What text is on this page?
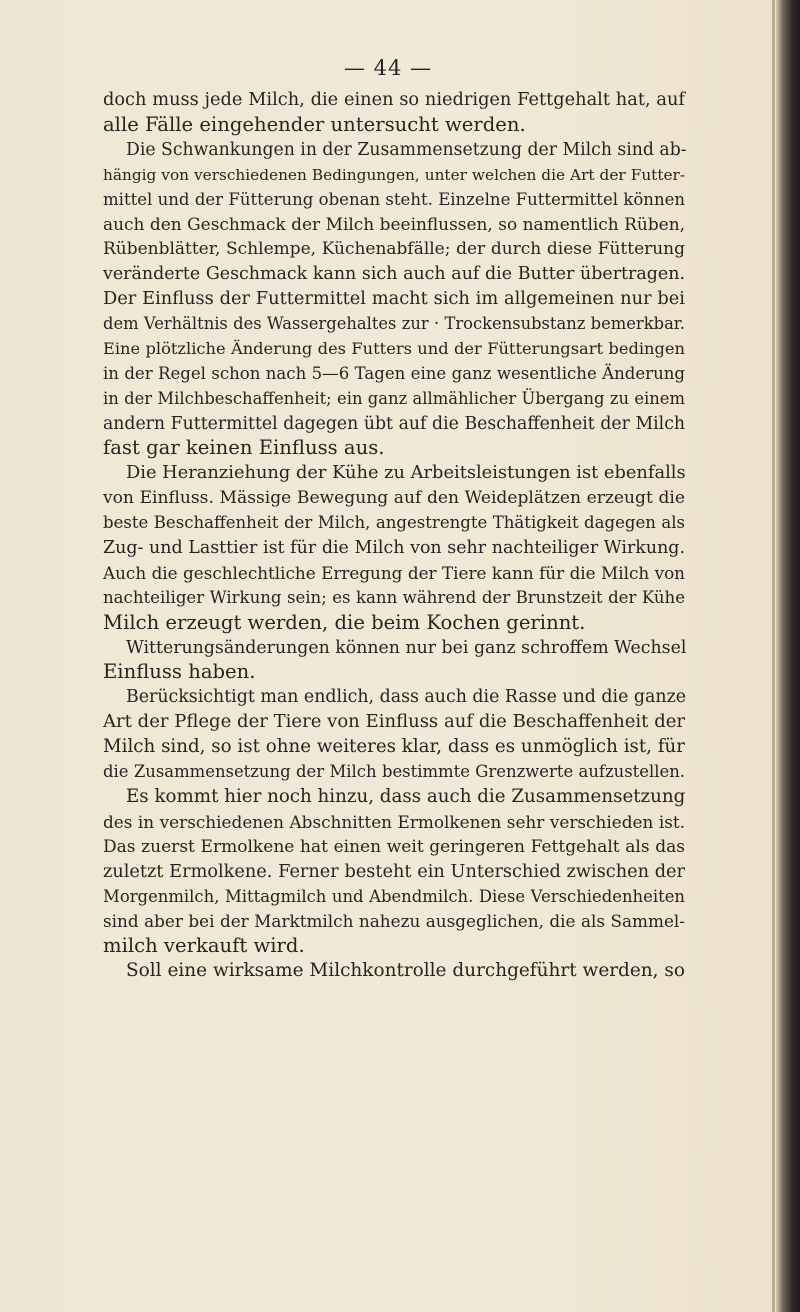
— 44 —
doch muss jede Milch, die einen so niedrigen Fettgehalt hat, auf
alle Fälle eingehender untersucht werden.
Die Schwankungen in der Zusammensetzung der Milch sind ab-
hängig von verschiedenen Bedingungen, unter welchen die Art der Futter-
mittel und der Fütterung obenan steht. Einzelne Futtermittel können
auch den Geschmack der Milch beeinflussen, so namentlich Rüben,
Rübenblätter, Schlempe, Küchenabfälle; der durch diese Fütterung
veränderte Geschmack kann sich auch auf die Butter übertragen.
Der Einfluss der Futtermittel macht sich im allgemeinen nur bei
dem Verhältnis des Wassergehaltes zur · Trockensubstanz bemerkbar.
Eine plötzliche Änderung des Futters und der Fütterungsart bedingen
in der Regel schon nach 5—6 Tagen eine ganz wesentliche Änderung
in der Milchbeschaffenheit; ein ganz allmählicher Übergang zu einem
andern Futtermittel dagegen übt auf die Beschaffenheit der Milch
fast gar keinen Einfluss aus.
Die Heranziehung der Kühe zu Arbeitsleistungen ist ebenfalls
von Einfluss. Mässige Bewegung auf den Weideplätzen erzeugt die
beste Beschaffenheit der Milch, angestrengte Thätigkeit dagegen als
Zug- und Lasttier ist für die Milch von sehr nachteiliger Wirkung.
Auch die geschlechtliche Erregung der Tiere kann für die Milch von
nachteiliger Wirkung sein; es kann während der Brunstzeit der Kühe
Milch erzeugt werden, die beim Kochen gerinnt.
Witterungsänderungen können nur bei ganz schroffem Wechsel
Einfluss haben.
Berücksichtigt man endlich, dass auch die Rasse und die ganze
Art der Pflege der Tiere von Einfluss auf die Beschaffenheit der
Milch sind, so ist ohne weiteres klar, dass es unmöglich ist, für
die Zusammensetzung der Milch bestimmte Grenzwerte aufzustellen.
Es kommt hier noch hinzu, dass auch die Zusammensetzung
des in verschiedenen Abschnitten Ermolkenen sehr verschieden ist.
Das zuerst Ermolkene hat einen weit geringeren Fettgehalt als das
zuletzt Ermolkene. Ferner besteht ein Unterschied zwischen der
Morgenmilch, Mittagmilch und Abendmilch. Diese Verschiedenheiten
sind aber bei der Marktmilch nahezu ausgeglichen, die als Sammel-
milch verkauft wird.
Soll eine wirksame Milchkontrolle durchgeführt werden, so
